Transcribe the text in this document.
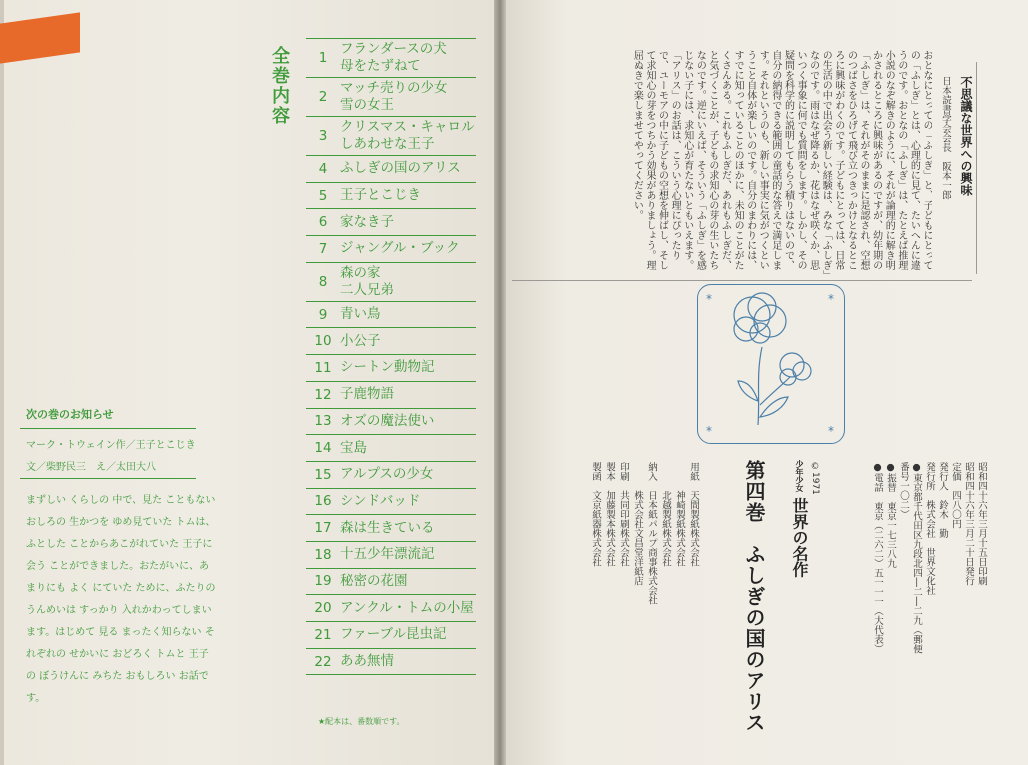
全巻内容	1
フランダースの犬
母をたずねて
2
マッチ売りの少女
雪の女王
3
クリスマス・キャロル
しあわせな王子
4 ふしぎの国のアリス
5 王子とこじき
6 家なき子
7 ジャングル・ブック
8
森の家
二人兄弟
9 青い鳥
10 小公子
11 シートン動物記
12 子鹿物語
13 オズの魔法使い
14 宝島
15 アルプスの少女
16 シンドバッド
17 森は生きている
18 十五少年漂流記
19 秘密の花園
20 アンクル・トムの小屋
21 ファーブル昆虫記
22 ああ無情
★配本は、番数順です。
次の巻のお知らせ
マーク・トウェイン作／王子とこじき
文／柴野民三　え／太田大八
まずしい くらしの 中で、見た こともない おしろの 生かつを ゆめ見ていた トムは、ふとした ことからあこがれていた 王子に 会う ことができました。おたがいに、あまりにも よく にていた ために、ふたりのうんめいは すっかり 入れかわってしまいます。はじめて 見る まったく知らない それぞれの せかいに おどろく トムと 王子の ぼうけんに みちた おもしろい お話です。
不思議な世界への興味
日本読書学会会長　阪本一郎
おとなにとっての「ふしぎ」と、子どもにとっての「ふしぎ」とは、心理的に見て、たいへんに違うのです。おとなの「ふしぎ」は、たとえば推理小説のなぞ解きのように、それが論理的に解き明かされるところに興味があるのですが、幼年期の「ふしぎ」は、それがそのままに是認され、空想のつばさをひろげて飛び立つきっかけとなるところに興味がわくのです。子どもにとっては、日常の生活の中で出会う新しい経験は、みな「ふしぎ」なのです。雨はなぜ降るか、花はなぜ咲くか、思いつく事象に何でも質問をします。しかし、その疑問を科学的に説明してもらう積りはないので、自分の納得できる範囲の童話的な答えで満足します。それというのも、新しい事実に気がつくということ自体が楽しいのです。自分のまわりには、すでに知っていることのほかに、未知のことがたくさんある。これもふしぎだ、あれもふしぎだ、と気づくことが、子どもの求知心の芽の生いたちなのです。逆にいえば、そういう「ふしぎ」を感じない子には、求知心が育たないともいえます。「アリス」のお話は、こういう心理にぴったりで、ユーモアの中に子どもの空想を伸ばし、そして求知心の芽をつちかう効果がありましょう。理屈ぬきで楽しませてやってください。
*	*
*	*
©1971
少年少女 世界の名作
第四巻　ふしぎの国のアリス	昭和四十六年三月十五日印刷
昭和四十六年三月二十日発行
定価　四八〇円
発行人　鈴木　勤
発行所　株式会社　世界文化社
●東京都千代田区九段北四―二―二九（郵便番号一〇二）
●振替　東京一七三八九
●電話　東京（二六二）五一一一（大代表）
用紙　天間製紙株式会社
　　　神崎製紙株式会社
　　　北越製紙株式会社
納入　日本紙パルプ商事株式会社
　　　株式会社文昌堂洋紙店
印刷　共同印刷株式会社
製本　加藤製本株式会社
製函　文京紙器株式会社
